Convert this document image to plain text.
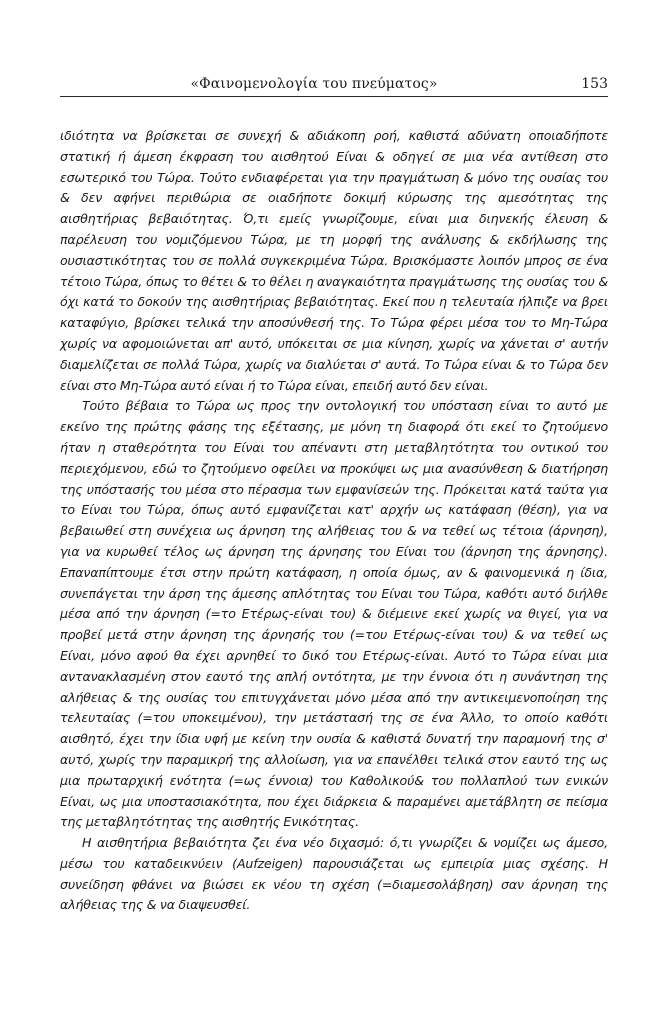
«Φαινομενολογία του πνεύματος»	153

ιδιότητα να βρίσκεται σε συνεχή & αδιάκοπη ροή, καθιστά αδύνατη οποιαδήποτε στατική ή άμεση έκφραση του αισθητού Είναι & οδηγεί σε μια νέα αντίθεση στο εσωτερικό του Τώρα. Τούτο ενδιαφέρεται για την πραγμάτωση & μόνο της ουσίας του & δεν αφήνει περιθώρια σε οιαδήποτε δοκιμή κύρωσης της αμεσότητας της αισθητήριας βεβαιότητας. Ό,τι εμείς γνωρίζουμε, είναι μια διηνεκής έλευση & παρέλευση του νομιζόμενου Τώρα, με τη μορφή της ανάλυσης & εκδήλωσης της ουσιαστικότητας του σε πολλά συγκεκριμένα Τώρα. Βρισκόμαστε λοιπόν μπρος σε ένα τέτοιο Τώρα, όπως το θέτει & το θέλει η αναγκαιότητα πραγμάτωσης της ουσίας του & όχι κατά το δοκούν της αισθητήριας βεβαιότητας. Εκεί που η τελευταία ήλπιζε να βρει καταφύγιο, βρίσκει τελικά την αποσύνθεσή της. Το Τώρα φέρει μέσα του το Μη-Τώρα χωρίς να αφομοιώνεται απ' αυτό, υπόκειται σε μια κίνηση, χωρίς να χάνεται σ' αυτήν διαμελίζεται σε πολλά Τώρα, χωρίς να διαλύεται σ' αυτά. Το Τώρα είναι & το Τώρα δεν είναι στο Μη-Τώρα αυτό είναι ή το Τώρα είναι, επειδή αυτό δεν είναι.

Τούτο βέβαια το Τώρα ως προς την οντολογική του υπόσταση είναι το αυτό με εκείνο της πρώτης φάσης της εξέτασης, με μόνη τη διαφορά ότι εκεί το ζητούμενο ήταν η σταθερότητα του Είναι του απέναντι στη μεταβλητότητα του οντικού του περιεχόμενου, εδώ το ζητούμενο οφείλει να προκύψει ως μια ανασύνθεση & διατήρηση της υπόστασής του μέσα στο πέρασμα των εμφανίσεών της. Πρόκειται κατά ταύτα για το Είναι του Τώρα, όπως αυτό εμφανίζεται κατ' αρχήν ως κατάφαση (θέση), για να βεβαιωθεί στη συνέχεια ως άρνηση της αλήθειας του & να τεθεί ως τέτοια (άρνηση), για να κυρωθεί τέλος ως άρνηση της άρνησης του Είναι του (άρνηση της άρνησης). Επαναπίπτουμε έτσι στην πρώτη κατάφαση, η οποία όμως, αν & φαινομενικά η ίδια, συνεπάγεται την άρση της άμεσης απλότητας του Είναι του Τώρα, καθότι αυτό διήλθε μέσα από την άρνηση (=το Ετέρως-είναι του) & διέμεινε εκεί χωρίς να θιγεί, για να προβεί μετά στην άρνηση της άρνησής του (=του Ετέρως-είναι του) & να τεθεί ως Είναι, μόνο αφού θα έχει αρνηθεί το δικό του Ετέρως-είναι. Αυτό το Τώρα είναι μια αντανακλασμένη στον εαυτό της απλή οντότητα, με την έννοια ότι η συνάντηση της αλήθειας & της ουσίας του επιτυγχάνεται μόνο μέσα από την αντικειμενοποίηση της τελευταίας (=του υποκειμένου), την μετάστασή της σε ένα Άλλο, το οποίο καθότι αισθητό, έχει την ίδια υφή με κείνη την ουσία & καθιστά δυνατή την παραμονή της σ' αυτό, χωρίς την παραμικρή της αλλοίωση, για να επανέλθει τελικά στον εαυτό της ως μια πρωταρχική ενότητα (=ως έννοια) του Καθολικού& του πολλαπλού των ενικών Είναι, ως μια υποστασιακότητα, που έχει διάρκεια & παραμένει αμετάβλητη σε πείσμα της μεταβλητότητας της αισθητής Ενικότητας.

Η αισθητήρια βεβαιότητα ζει ένα νέο διχασμό: ό,τι γνωρίζει & νομίζει ως άμεσο, μέσω του καταδεικνύειν (Aufzeigen) παρουσιάζεται ως εμπειρία μιας σχέσης. Η συνείδηση φθάνει να βιώσει εκ νέου τη σχέση (=διαμεσολάβηση) σαν άρνηση της αλήθειας της & να διαψευσθεί.
